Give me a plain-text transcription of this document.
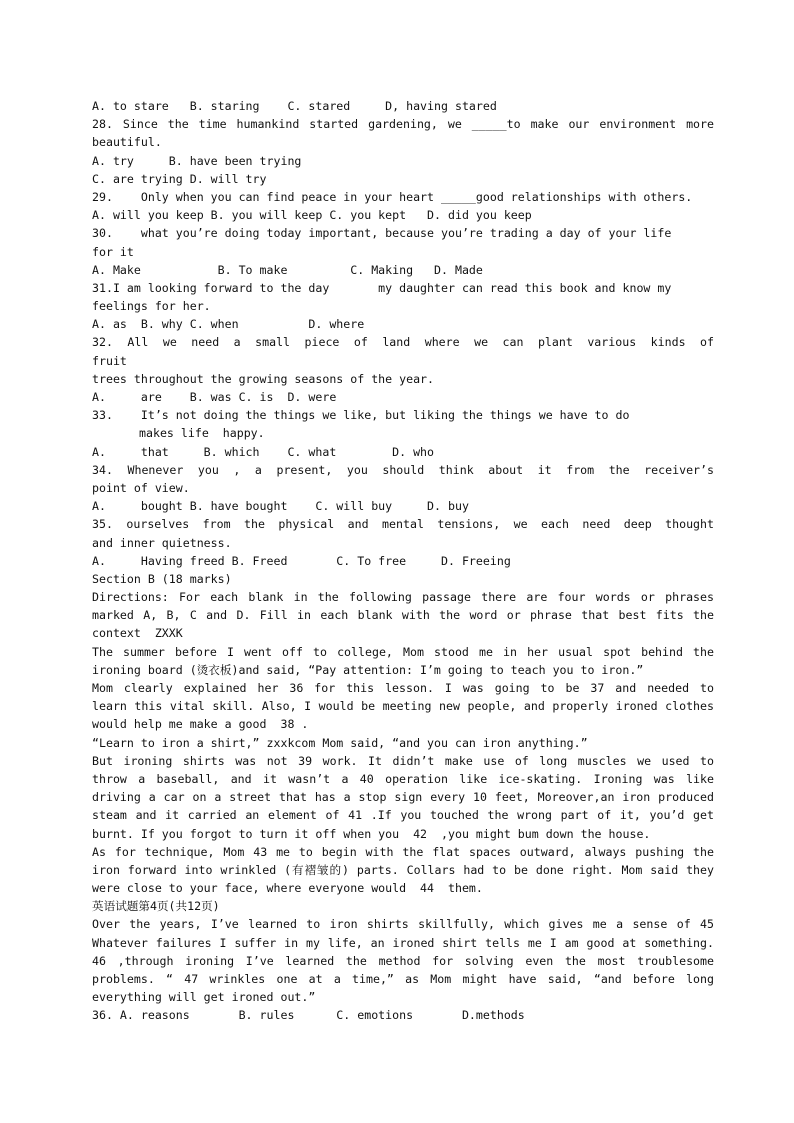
A. to stare   B. staring    C. stared     D, having stared
28. Since the time humankind started gardening, we _____to make our environment more
beautiful.
A. try     B. have been trying
C. are trying D. will try
29.    Only when you can find peace in your heart _____good relationships with others.
A. will you keep B. you will keep C. you kept   D. did you keep
30.    what you’re doing today important, because you’re trading a day of your life
for it
A. Make           B. To make         C. Making   D. Made
31.I am looking forward to the day       my daughter can read this book and know my
feelings for her.
A. as  B. why C. when          D. where
32. All we need a small piece of land where we can plant various kinds of
fruit
trees throughout the growing seasons of the year.
A.     are    B. was C. is  D. were
33.    It’s not doing the things we like, but liking the things we have to do
makes life  happy.
A.     that     B. which    C. what        D. who
34. Whenever you , a present, you should think about it from the receiver’s
point of view.
A.     bought B. have bought    C. will buy     D. buy
35. ourselves from the physical and mental tensions, we each need deep thought
and inner quietness.
A.     Having freed B. Freed       C. To free     D. Freeing
Section B (18 marks)
Directions: For each blank in the following passage there are four words or phrases
marked A, B, C and D. Fill in each blank with the word or phrase that best fits the
context  ZXXK
The summer before I went off to college, Mom stood me in her usual spot behind the
ironing board (烫衣板)and said, “Pay attention: I’m going to teach you to iron.”
Mom clearly explained her 36 for this lesson. I was going to be 37 and needed to
learn this vital skill. Also, I would be meeting new people, and properly ironed clothes
would help me make a good  38 .
“Learn to iron a shirt,” zxxkcom Mom said, “and you can iron anything.”
But ironing shirts was not 39 work. It didn’t make use of long muscles we used to
throw a baseball, and it wasn’t a 40 operation like ice-skating. Ironing was like
driving a car on a street that has a stop sign every 10 feet, Moreover,an iron produced
steam and it carried an element of 41 .If you touched the wrong part of it, you’d get
burnt. If you forgot to turn it off when you  42  ,you might bum down the house.
As for technique, Mom 43 me to begin with the flat spaces outward, always pushing the
iron forward into wrinkled (有褶皱的) parts. Collars had to be done right. Mom said they
were close to your face, where everyone would  44  them.
英语试题第4页(共12页)
Over the years, I’ve learned to iron shirts skillfully, which gives me a sense of 45
Whatever failures I suffer in my life, an ironed shirt tells me I am good at something.
46 ,through ironing I’ve learned the method for solving even the most troublesome
problems. “ 47 wrinkles one at a time,” as Mom might have said, “and before long
everything will get ironed out.”
36. A. reasons       B. rules      C. emotions       D.methods
